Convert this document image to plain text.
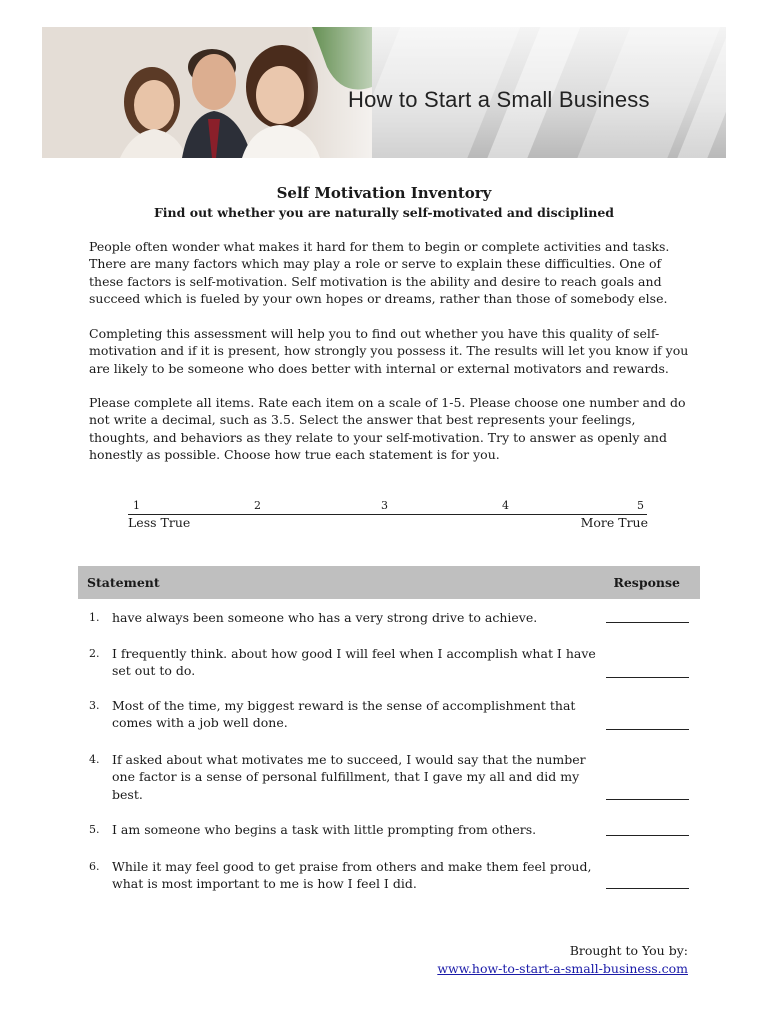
How to Start a Small Business
Self Motivation Inventory
Find out whether you are naturally self-motivated and disciplined

People often wonder what makes it hard for them to begin or complete activities and tasks. There are many factors which may play a role or serve to explain these difficulties. One of these factors is self-motivation. Self motivation is the ability and desire to reach goals and succeed which is fueled by your own hopes or dreams, rather than those of somebody else.

Completing this assessment will help you to find out whether you have this quality of self-motivation and if it is present, how strongly you possess it. The results will let you know if you are likely to be someone who does better with internal or external motivators and rewards.

Please complete all items. Rate each item on a scale of 1-5. Please choose one number and do not write a decimal, such as 3.5. Select the answer that best represents your feelings, thoughts, and behaviors as they relate to your self-motivation. Try to answer as openly and honestly as possible. Choose how true each statement is for you.

1	2	3	4	5
Less True	More True
Statement	Response
1.	have always been someone who has a very strong drive to achieve.
2.	I frequently think. about how good I will feel when I accomplish what I have set out to do.
3.	Most of the time, my biggest reward is the sense of accomplishment that comes with a job well done.
4.	If asked about what motivates me to succeed, I would say that the number one factor is a sense of personal fulfillment, that I gave my all and did my best.
5.	I am someone who begins a task with little prompting from others.
6.	While it may feel good to get praise from others and make them feel proud, what is most important to me is how I feel I did.
Brought to You by:
www.how-to-start-a-small-business.com
